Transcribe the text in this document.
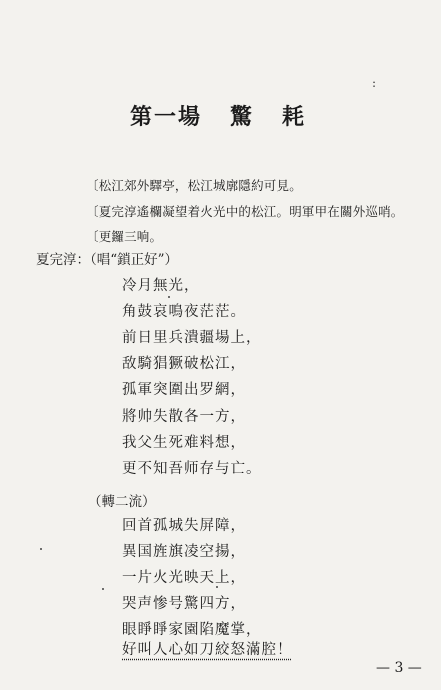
:
第一場 驚 耗
〔松江郊外驛亭，松江城廓隱約可見。
〔夏完淳遙欄凝望着火光中的松江。明軍甲在關外巡哨。
〔更鑼三响。
夏完淳：（唱“鎖正好”）
冷月無光，
角鼓哀鳴夜茫茫。
前日里兵潰疆場上，
敌騎猖獗破松江，
孤軍突圍出罗網，
將帅失散各一方，
我父生死难料想，
更不知吾师存与亡。
（轉二流）
回首孤城失屏障，
異国旌旗凌空揚，
一片火光映天上，
哭声惨号驚四方，
眼睜睜家園陷魔掌，
好叫人心如刀絞怒滿腔！
— 3 —
